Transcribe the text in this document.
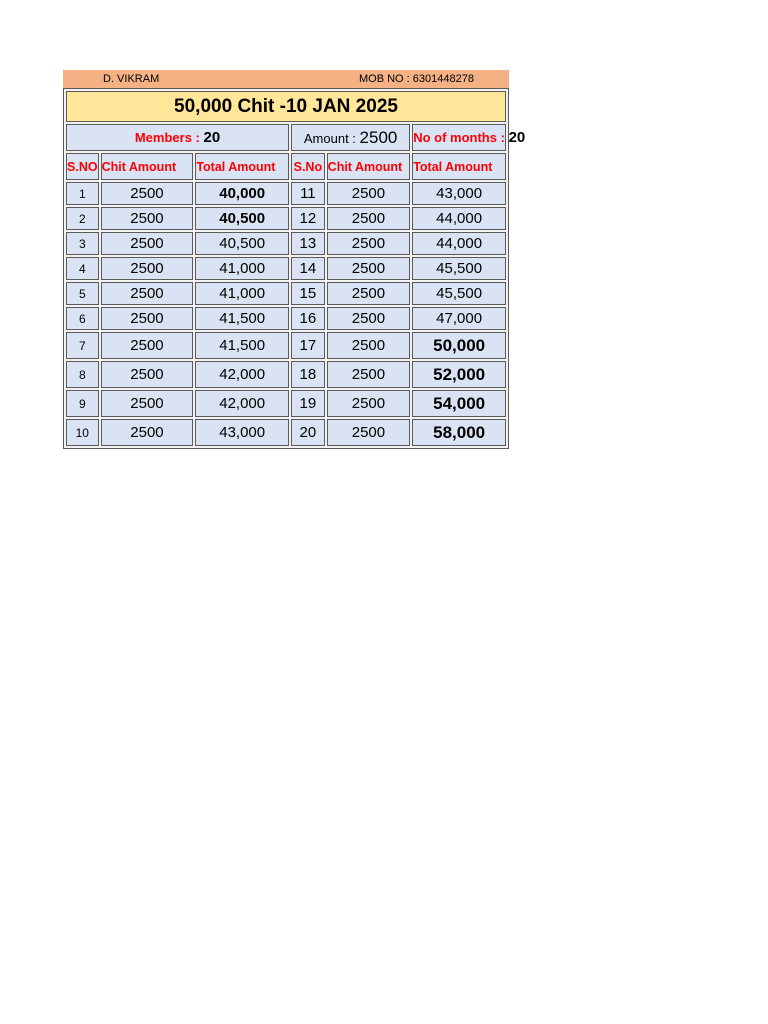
D. VIKRAM	MOB NO : 6301448278
50,000 Chit -10 JAN 2025					
Members : 20			Amount : 2500		No of months : 20
S.NO	Chit Amount	Total Amount	S.No	Chit Amount	Total Amount
1	2500	40,000	11	2500	43,000
2	2500	40,500	12	2500	44,000
3	2500	40,500	13	2500	44,000
4	2500	41,000	14	2500	45,500
5	2500	41,000	15	2500	45,500
6	2500	41,500	16	2500	47,000
7	2500	41,500	17	2500	50,000
8	2500	42,000	18	2500	52,000
9	2500	42,000	19	2500	54,000
10	2500	43,000	20	2500	58,000
